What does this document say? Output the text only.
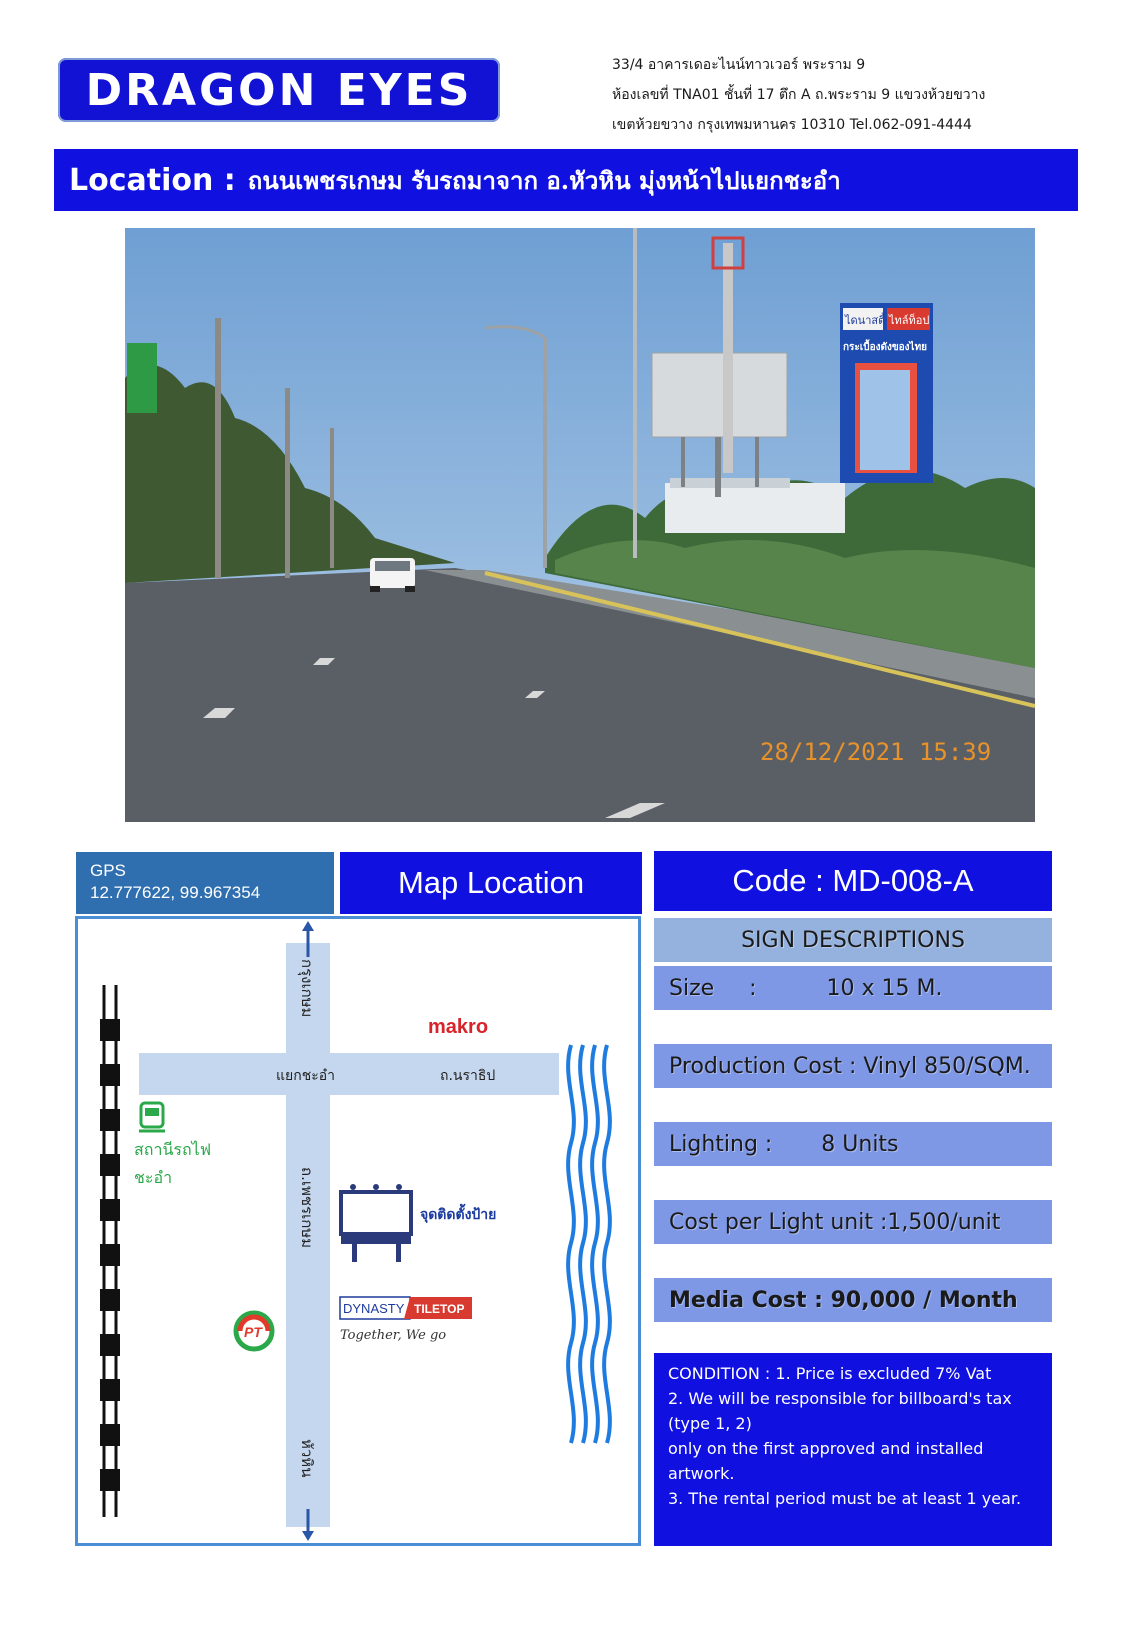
DRAGON EYES	33/4 อาคารเดอะไนน์ทาวเวอร์ พระราม 9
ห้องเลขที่ TNA01 ชั้นที่ 17 ตึก A ถ.พระราม 9 แขวงห้วยขวาง
เขตห้วยขวาง กรุงเทพมหานคร 10310 Tel.062-091-4444
Location : ถนนเพชรเกษม รับรถมาจาก อ.หัวหิน มุ่งหน้าไปแยกชะอำ
ไดนาสตี้ ไทล์ท็อป
กระเบื้องดังของไทย
28/12/2021 15:39
GPS
12.777622, 99.967354	Map Location
กรุงเกษม
ถ.เพชรเกษม
หัวหิน
แยกชะอำ	ถ.นราธิป
makro
สถานีรถไฟ
ชะอำ
จุดติดตั้งป้าย
DYNASTY TILETOP
Together, We go
PT
Code : MD-008-A
SIGN DESCRIPTIONS
Size     :          10 x 15 M.
Production Cost : Vinyl 850/SQM.
Lighting :       8 Units
Cost per Light unit :1,500/unit
Media Cost : 90,000 / Month
CONDITION : 1. Price is excluded 7% Vat
2. We will be responsible for billboard's tax (type 1, 2)
only on the first approved and installed artwork.
3. The rental period must be at least 1 year.
